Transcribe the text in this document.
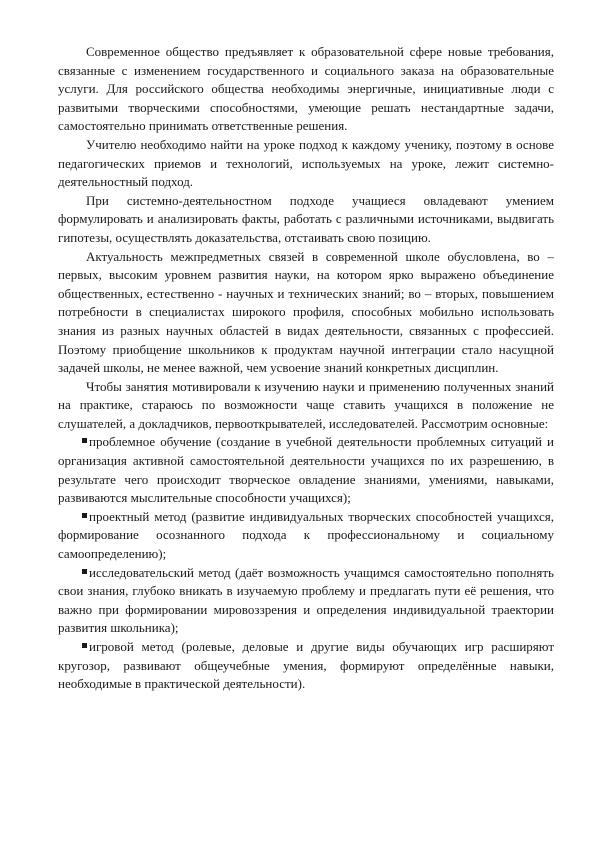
Современное общество предъявляет к образовательной сфере новые требования, связанные с изменением государственного и социального заказа на образовательные услуги. Для российского общества необходимы энергичные, инициативные люди с развитыми творческими способностями, умеющие решать нестандартные задачи, самостоятельно принимать ответственные решения.

Учителю необходимо найти на уроке подход к каждому ученику, поэтому в основе педагогических приемов и технологий, используемых на уроке, лежит системно-деятельностный подход.

При системно-деятельностном подходе учащиеся овладевают умением формулировать и анализировать факты, работать с различными источниками, выдвигать гипотезы, осуществлять доказательства, отстаивать свою позицию.

Актуальность межпредметных связей в современной школе обусловлена, во – первых, высоким уровнем развития науки, на котором ярко выражено объединение общественных, естественно - научных и технических знаний; во – вторых, повышением потребности в специалистах широкого профиля, способных мобильно использовать знания из разных научных областей в видах деятельности, связанных с профессией. Поэтому приобщение школьников к продуктам научной интеграции стало насущной задачей школы, не менее важной, чем усвоение знаний конкретных дисциплин.

Чтобы занятия мотивировали к изучению науки и применению полученных знаний на практике, стараюсь по возможности чаще ставить учащихся в положение не слушателей, а докладчиков, первооткрывателей, исследователей. Рассмотрим основные:

проблемное обучение (создание в учебной деятельности проблемных ситуаций и организация активной самостоятельной деятельности учащихся по их разрешению, в результате чего происходит творческое овладение знаниями, умениями, навыками, развиваются мыслительные способности учащихся);

проектный метод (развитие индивидуальных творческих способностей учащихся, формирование осознанного подхода к профессиональному и социальному самоопределению);

исследовательский метод (даёт возможность учащимся самостоятельно пополнять свои знания, глубоко вникать в изучаемую проблему и предлагать пути её решения, что важно при формировании мировоззрения и определения индивидуальной траектории развития школьника);

игровой метод (ролевые, деловые и другие виды обучающих игр расширяют кругозор, развивают общеучебные умения, формируют определённые навыки, необходимые в практической деятельности).
